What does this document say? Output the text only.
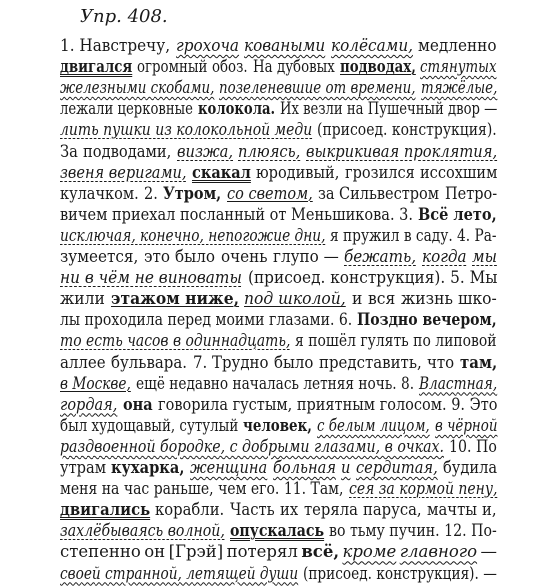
Упр. 408.
1. Навстречу, грохоча коваными колёсами, медленно
двигался огромный обоз. На дубовых подводах, стянутых
железными скобами, позеленевшие от времени, тяжёлые,
лежали церковные колокола. Их везли на Пушечный двор —
лить пушки из колокольной меди (присоед. конструкция).
За подводами, визжа, плюясь, выкрикивая проклятия,
звеня веригами, скакал юродивый, грозился иссохшим
кулачком. 2. Утром, со светом, за Сильвестром Петро-
вичем приехал посланный от Меньшикова. 3. Всё лето,
исключая, конечно, непогожие дни, я пружил в саду. 4. Ра-
зумеется, это было очень глупо — бежать, когда мы
ни в чём не виноваты (присоед. конструкция). 5. Мы
жили этажом ниже, под школой, и вся жизнь шко-
лы проходила перед моими глазами. 6. Поздно вечером,
то есть часов в одиннадцать, я пошёл гулять по липовой
аллее бульвара. 7. Трудно было представить, что там,
в Москве, ещё недавно началась летняя ночь. 8. Властная,
гордая, она говорила густым, приятным голосом. 9. Это
был худощавый, сутулый человек, с белым лицом, в чёрной
раздвоенной бородке, с добрыми глазами, в очках. 10. По
утрам кухарка, женщина больная и сердитая, будила
меня на час раньше, чем его. 11. Там, сея за кормой пену,
двигались корабли. Часть их теряла паруса, мачты и,
захлёбываясь волной, опускалась во тьму пучин. 12. По-
степенно он [Грэй] потерял всё, кроме главного —
своей странной, летящей души (присоед. конструкция). —
